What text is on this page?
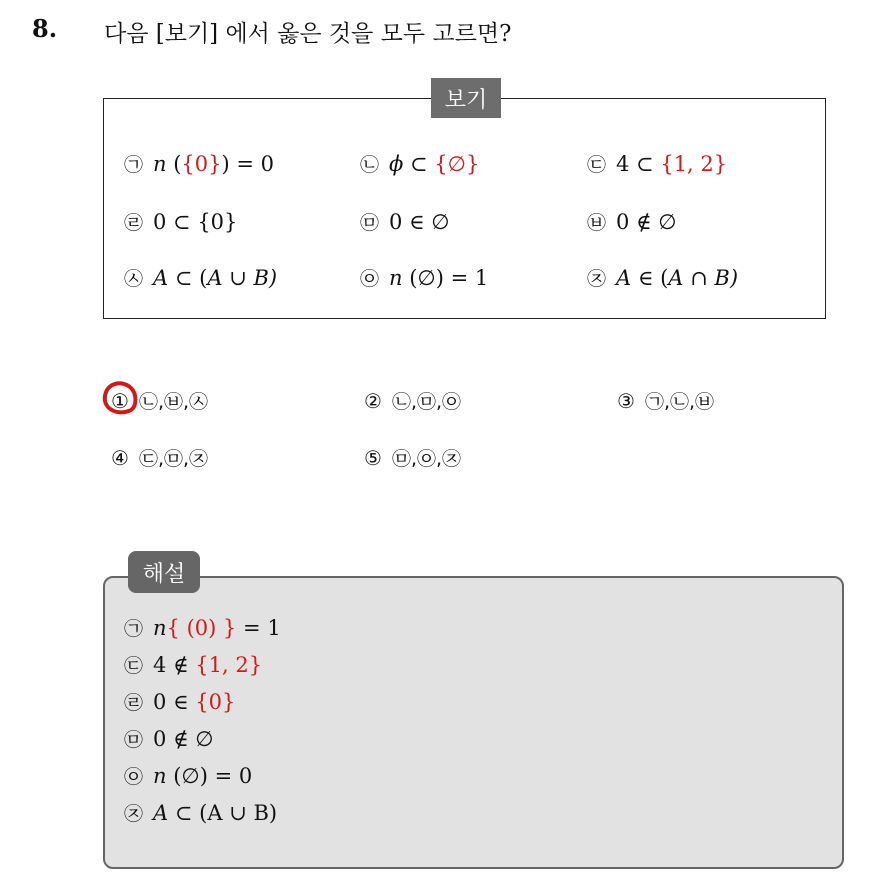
8. 다음 [보기] 에서 옳은 것을 모두 고르면?
보기
㉠ n ({0}) = 0	㉡ ϕ ⊂ {∅}	㉢ 4 ⊂ {1, 2}
㉣ 0 ⊂ {0}	㉤ 0 ∈ ∅	㉥ 0 ∉ ∅
㉦ A ⊂ (A ∪ B)	㉧ n (∅) = 1	㉨ A ∈ (A ∩ B)
① ㉡,㉥,㉦	② ㉡,㉤,㉧	③ ㉠,㉡,㉥
④ ㉢,㉤,㉨	⑤ ㉤,㉧,㉨
해설
㉠ n{ (0) } = 1
㉢ 4 ∉ {1, 2}
㉣ 0 ∈ {0}
㉤ 0 ∉ ∅
㉧ n (∅) = 0
㉨ A ⊂ (A ∪ B)
